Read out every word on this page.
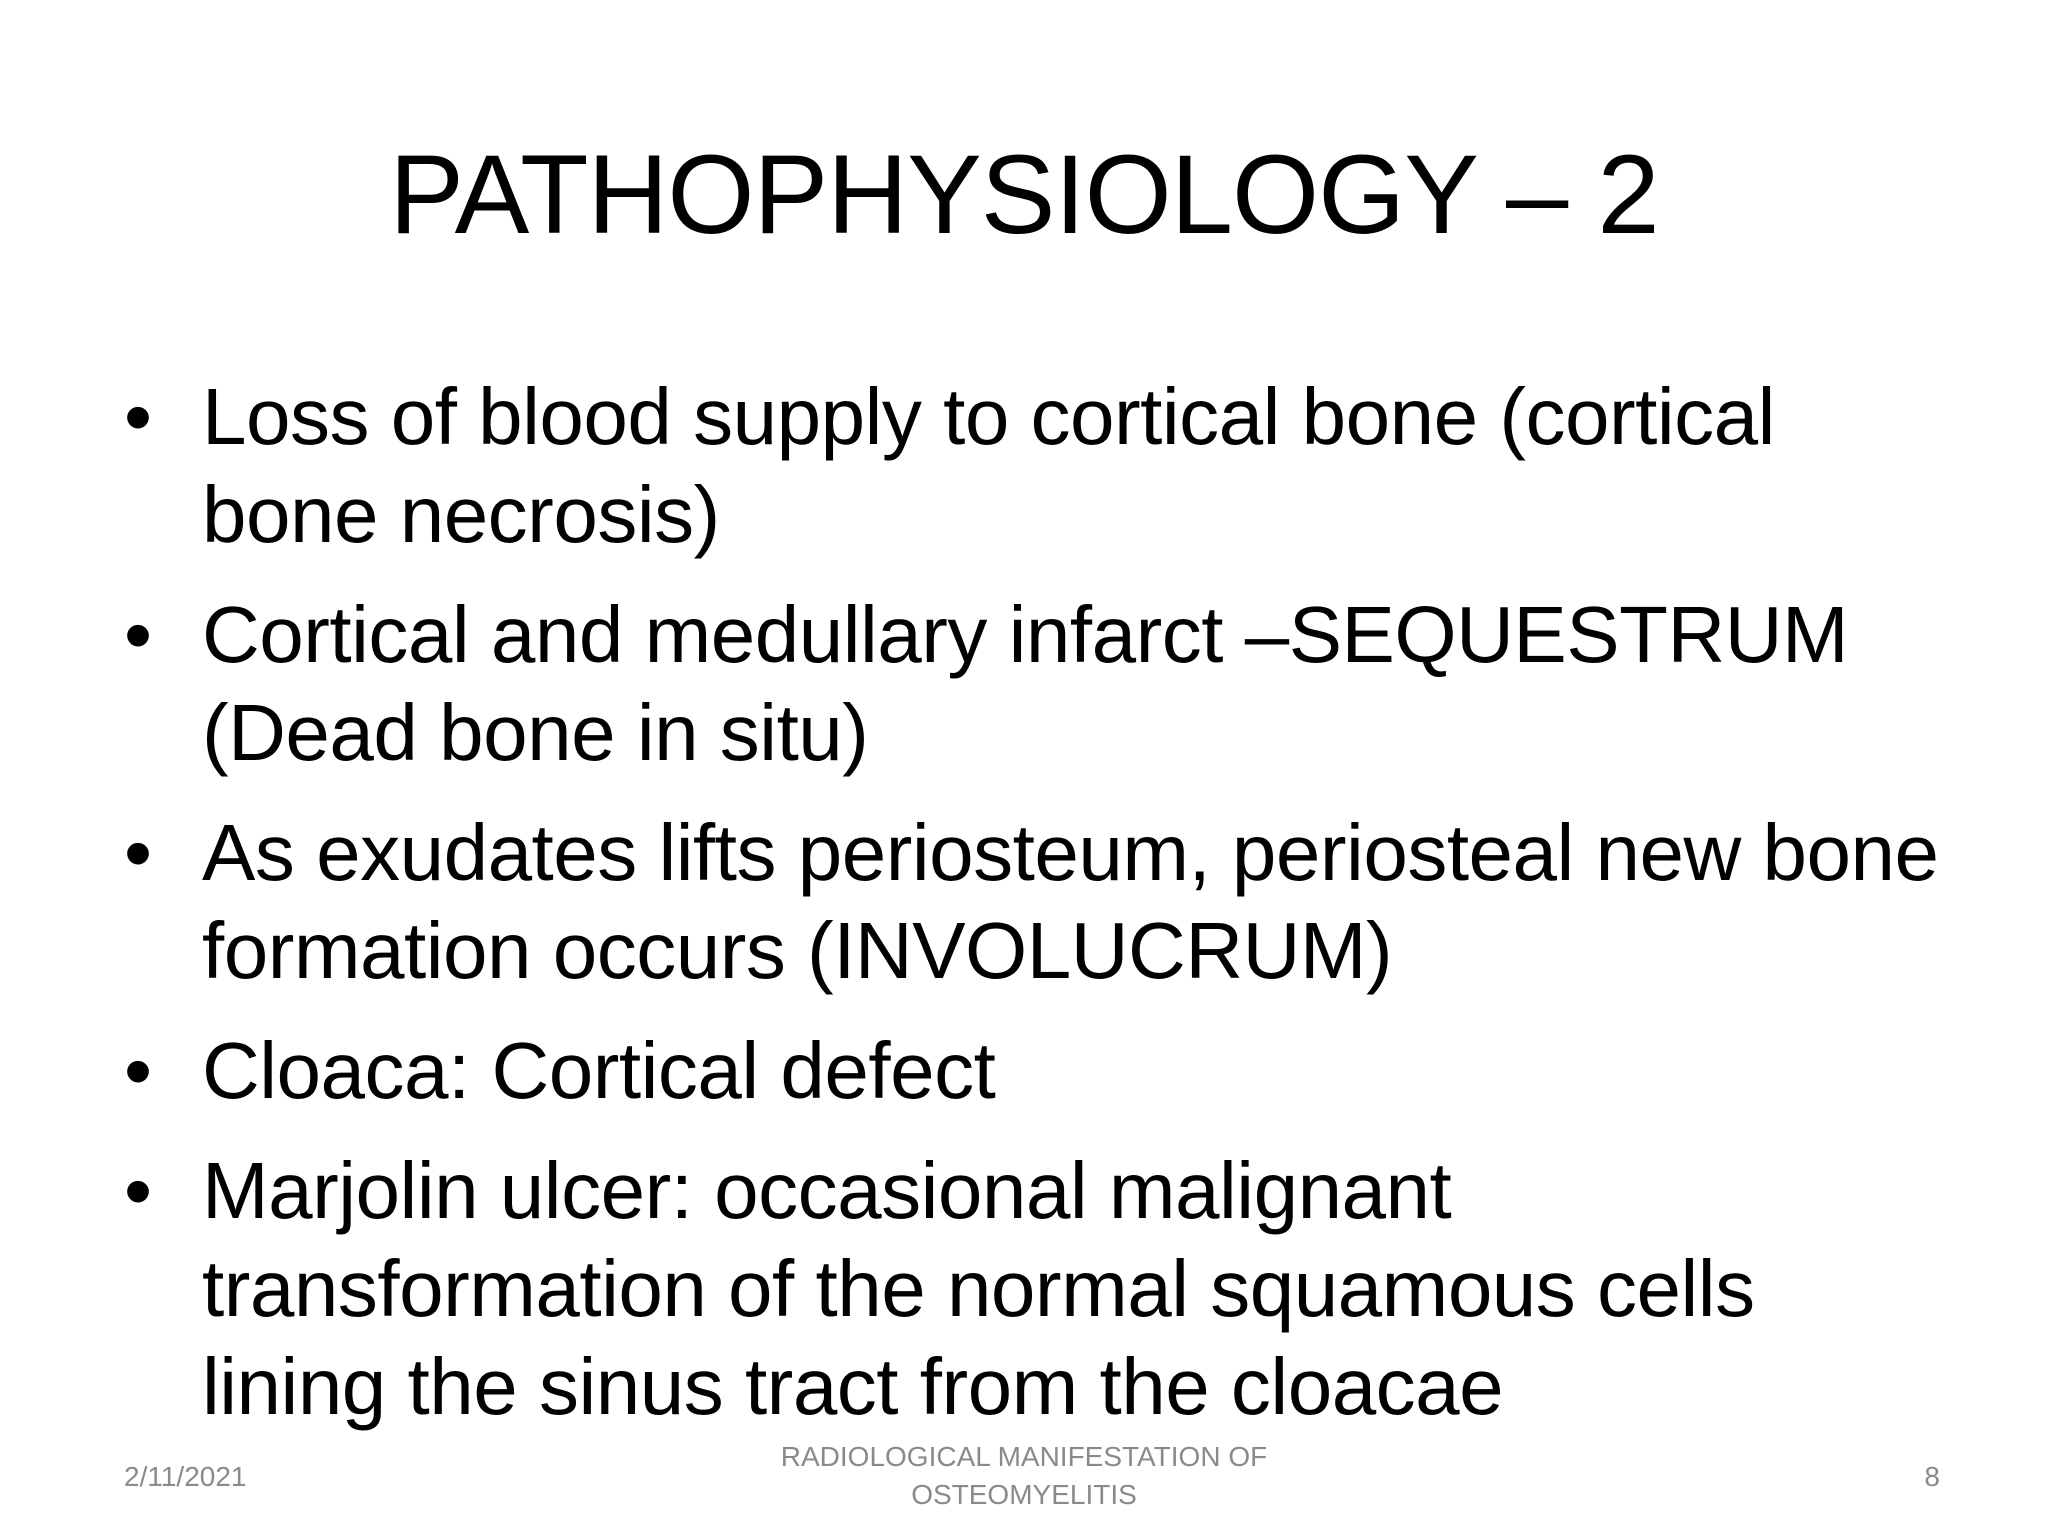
PATHOPHYSIOLOGY – 2
• Loss of blood supply to cortical bone (cortical bone necrosis)
• Cortical and medullary infarct –SEQUESTRUM (Dead bone in situ)
• As exudates lifts periosteum, periosteal new bone formation occurs (INVOLUCRUM)
• Cloaca: Cortical defect
• Marjolin ulcer: occasional malignant transformation of the normal squamous cells lining the sinus tract from the cloacae
2/11/2021
RADIOLOGICAL MANIFESTATION OF
OSTEOMYELITIS
8
